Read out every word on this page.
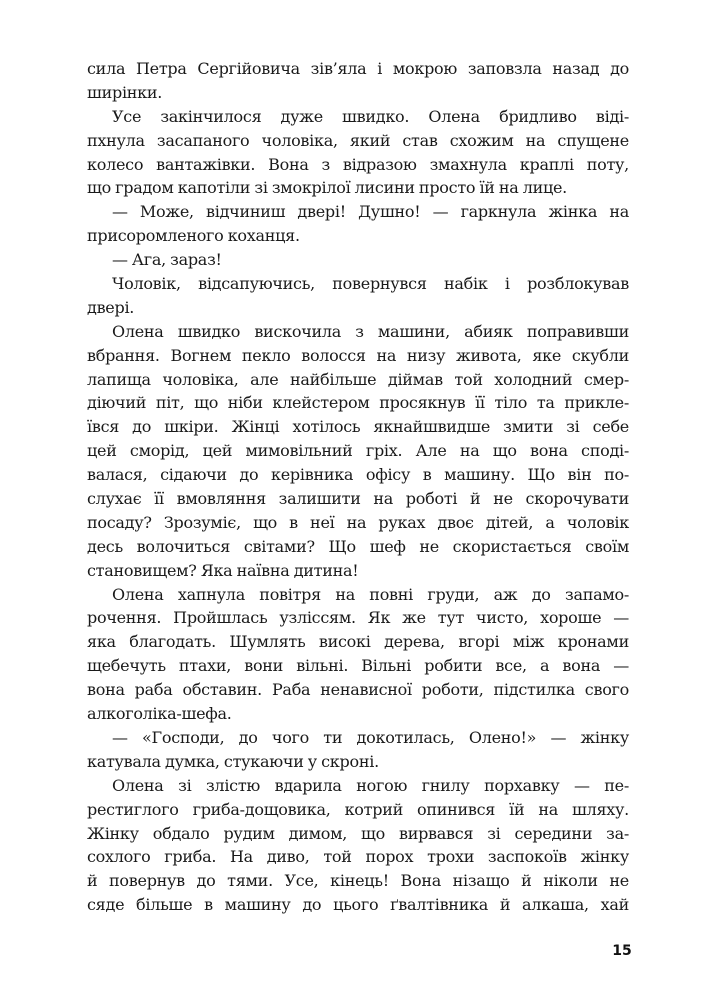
сила Петра Сергійовича зів’яла і мокрою заповзла назад до
ширінки.
Усе закінчилося дуже швидко. Олена бридливо віді-
пхнула засапаного чоловіка, який став схожим на спущене
колесо вантажівки. Вона з відразою змахнула краплі поту,
що градом капотіли зі змокрілої лисини просто їй на лице.
— Може, відчиниш двері! Душно! — гаркнула жінка на
присоромленого коханця.
— Ага, зараз!
Чоловік, відсапуючись, повернувся набік і розблокував
двері.
Олена швидко вискочила з машини, абияк поправивши
вбрання. Вогнем пекло волосся на низу живота, яке скубли
лапища чоловіка, але найбільше діймав той холодний смер-
діючий піт, що ніби клейстером просякнув її тіло та прикле-
ївся до шкіри. Жінці хотілось якнайшвидше змити зі себе
цей сморід, цей мимовільний гріх. Але на що вона сподi-
валася, сідаючи до керівника офісу в машину. Що він по-
слухає її вмовляння залишити на роботі й не скорочувати
посаду? Зрозуміє, що в неї на руках двоє дітей, а чоловік
десь волочиться світами? Що шеф не скористається своїм
становищем? Яка наївна дитина!
Олена хапнула повітря на повні груди, аж до запамо-
рочення. Пройшлась узліссям. Як же тут чисто, хороше —
яка благодать. Шумлять високі дерева, вгорі між кронами
щебечуть птахи, вони вільні. Вільні робити все, а вона —
вона раба обставин. Раба ненависної роботи, підстилка свого
алкоголіка-шефа.
— «Господи, до чого ти докотилась, Олено!» — жінку
катувала думка, стукаючи у скроні.
Олена зі злістю вдарила ногою гнилу порхавку — пе-
рестиглого гриба-дощовика, котрий опинився їй на шляху.
Жінку обдало рудим димом, що вирвався зі середини за-
сохлого гриба. На диво, той порох трохи заспокоїв жінку
й повернув до тями. Усе, кінець! Вона нізащо й ніколи не
сяде більше в машину до цього ґвалтівника й алкаша, хай
15
